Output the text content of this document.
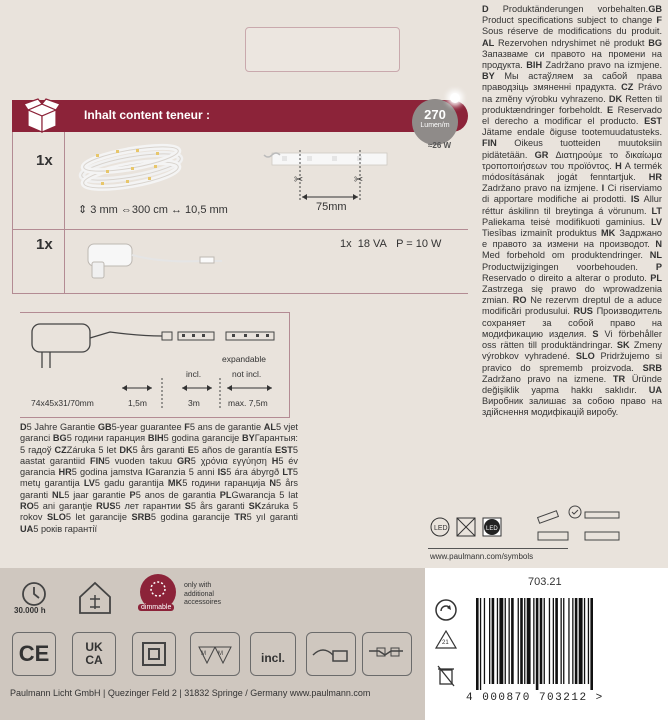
D Produktänderungen vorbehalten.GB Product specifications subject to change F Sous réserve de modifications du produit. AL Rezervohen ndryshimet në produkt BG Запазваме си правото на промени на продукта. BIH Zadržano pravo na izmjene. BY Мы астаўляем за сабой права праводзіць змяненні прадукта. CZ Právo na změny výrobku vyhrazeno. DK Retten til produktændringer forbeholdt. E Reservado el derecho a modificar el producto. EST Jätame endale õiguse tootemuudatusteks. FIN Oikeus tuotteiden muutoksiin pidätetään. GR Διατηρούμε το δικαίωμα τροποποιήσεων του προϊόντος. H A termék módosításának jogát fenntartjuk. HR Zadržano pravo na izmjene. I Ci riserviamo di apportare modifiche ai prodotti. IS Allur réttur áskilinn til breytinga á vörunum. LT Paliekama teisė modifikuoti gaminius. LV Tiesības izmainīt produktus MK Задржано е правото за измени на производот. N Med forbehold om produktendringer. NL Productwijzigingen voorbehouden. P Reservado o direito a alterar o produto. PL Zastrzega się prawo do wprowadzenia zmian. RO Ne rezervm dreptul de a aduce modificări produsului. RUS Производитель сохраняет за собой право на модификацию изделия. S Vi förbehåller oss rätten till produktändringar. SK Zmeny výrobkov vyhradené. SLO Pridržujemo si pravico do sprememb proizvoda. SRB Zadržano pravo na izmene. TR Üründe değişiklik yapma hakkı saklıdır. UA Виробник залишає за собою право на здійснення модифікацій виробу.
Inhalt content teneur :	270
Lumen/m
≈26 W
1x
⇕ 3 mm ⇔300 cm ↔ 10,5 mm
✂	✂
75mm
1x	1x 18 VA P = 10 W
74x45x31/70mm	1,5m
incl.
3m
expandable
not incl.
max. 7,5m
D5 Jahre Garantie GB5-year guarantee F5 ans de garantie AL5 vjet garanci BG5 години гаранция BIH5 godina garancije BYГарантыя: 5 гадоў CZZáruka 5 let DK5 års garanti E5 años de garantía EST5 aastat garantiid FIN5 vuoden takuu GR5 χρόνια εγγύηση H5 év garancia HR5 godina jamstva IGaranzia 5 anni IS5 ára ábyrgð LT5 metų garantija LV5 gadu garantija MK5 години гаранција N5 års garanti NL5 jaar garantie P5 anos de garantia PLGwarancja 5 lat RO5 ani garanţie RUS5 лет гарантии S5 års garanti SKzáruka 5 rokov SLO5 let garancije SRB5 godina garancije TR5 yıl garanti UA5 років гарантії	LED	LED
www.paulmann.com/symbols
30.000 h	dimmable
only with additional accessoires
CE	UK
CA	M M	incl.
Paulmann Licht GmbH | Quezinger Feld 2 | 31832 Springe / Germany www.paulmann.com
703.21
21
4 000870 703212 >
